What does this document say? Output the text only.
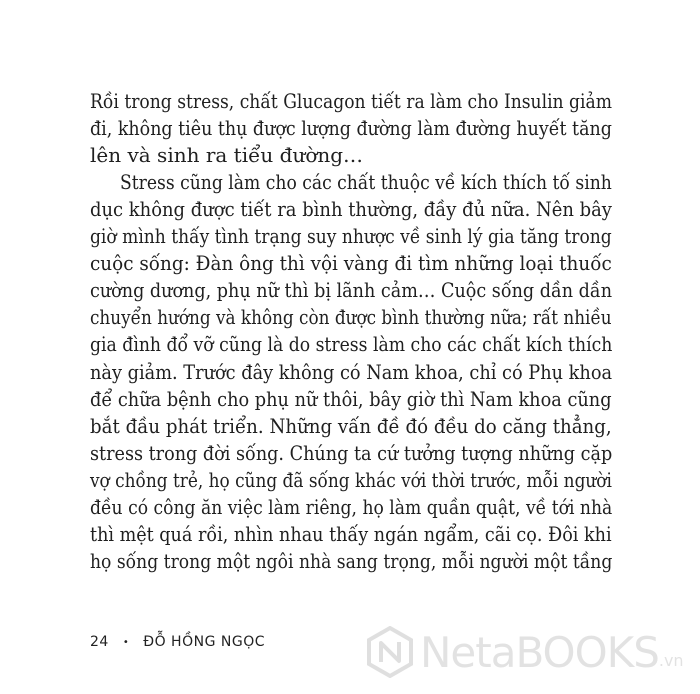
Rồi trong stress, chất Glucagon tiết ra làm cho Insulin giảm
đi, không tiêu thụ được lượng đường làm đường huyết tăng
lên và sinh ra tiểu đường…
Stress cũng làm cho các chất thuộc về kích thích tố sinh
dục không được tiết ra bình thường, đầy đủ nữa. Nên bây
giờ mình thấy tình trạng suy nhược về sinh lý gia tăng trong
cuộc sống: Đàn ông thì vội vàng đi tìm những loại thuốc
cường dương, phụ nữ thì bị lãnh cảm… Cuộc sống dần dần
chuyển hướng và không còn được bình thường nữa; rất nhiều
gia đình đổ vỡ cũng là do stress làm cho các chất kích thích
này giảm. Trước đây không có Nam khoa, chỉ có Phụ khoa
để chữa bệnh cho phụ nữ thôi, bây giờ thì Nam khoa cũng
bắt đầu phát triển. Những vấn đề đó đều do căng thẳng,
stress trong đời sống. Chúng ta cứ tưởng tượng những cặp
vợ chồng trẻ, họ cũng đã sống khác với thời trước, mỗi người
đều có công ăn việc làm riêng, họ làm quần quật, về tới nhà
thì mệt quá rồi, nhìn nhau thấy ngán ngẩm, cãi cọ. Đôi khi
họ sống trong một ngôi nhà sang trọng, mỗi người một tầng
24 • ĐỖ HỒNG NGỌC	NetaBOOKS .vn
